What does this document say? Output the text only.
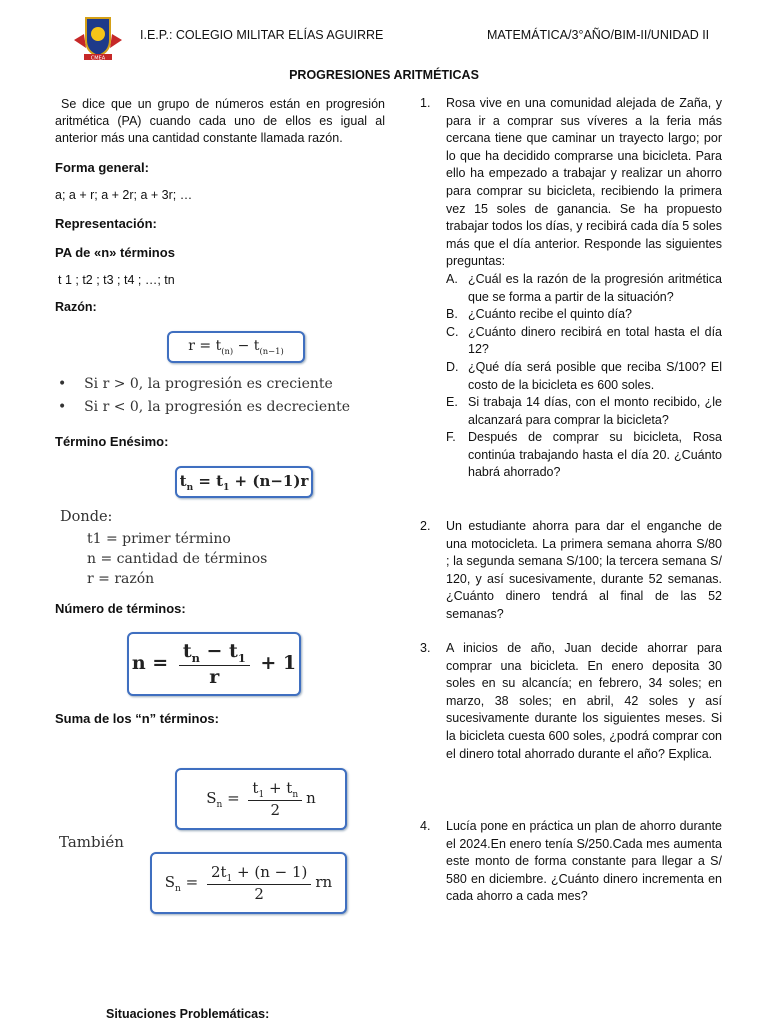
CMEA
I.E.P.: COLEGIO MILITAR ELÍAS AGUIRRE	MATEMÁTICA/3°AÑO/BIM-II/UNIDAD II
PROGRESIONES ARITMÉTICAS
Se dice que un grupo de números están en progresión aritmética (PA) cuando cada uno de ellos es igual al anterior más una cantidad constante llamada razón.
Forma general:
a; a + r; a + 2r; a + 3r; …
Representación:
PA de «n» términos
t 1 ; t2 ; t3 ; t4 ; …; tn
Razón:
$r = t_{(n)} - t_{(n-1)}$
•    Si r > 0, la progresión es creciente
•    Si r < 0, la progresión es decreciente
Término Enésimo:
$t_n = t_1 + (n-1)r$
Donde:
t1 = primer término
n = cantidad de términos
r = razón
Número de términos:
$n = \frac{t_n - t_1}{r} + 1$
Suma de los “n” términos:
$S_n = \frac{t_1 + t_n}{2}$ n
También
$S_n = \frac{2t_1 + (n - 1)}{2}$ rn
Situaciones Problemáticas:
1. Rosa vive en una comunidad alejada de Zaña, y para ir a comprar sus víveres a la feria más cercana tiene que caminar un trayecto largo; por lo que ha decidido comprarse una bicicleta. Para ello ha empezado a trabajar y realizar un ahorro para comprar su bicicleta, recibiendo la primera vez 15 soles de ganancia. Se ha propuesto trabajar todos los días, y recibirá cada día 5 soles más que el día anterior. Responde las siguientes preguntas:
A. ¿Cuál es la razón de la progresión aritmética que se forma a partir de la situación?
B. ¿Cuánto recibe el quinto día?
C. ¿Cuánto dinero recibirá en total hasta el día 12?
D. ¿Qué día será posible que reciba S/100? El costo de la bicicleta es 600 soles.
E. Si trabaja 14 días, con el monto recibido, ¿le alcanzará para comprar la bicicleta?
F. Después de comprar su bicicleta, Rosa continúa trabajando hasta el día 20. ¿Cuánto habrá ahorrado?
2. Un estudiante ahorra para dar el enganche de una motocicleta. La primera semana ahorra S/80 ; la segunda semana S/100; la tercera semana S/ 120, y así sucesivamente, durante 52 semanas. ¿Cuánto dinero tendrá al final de las 52 semanas?
3. A inicios de año, Juan decide ahorrar para comprar una bicicleta. En enero deposita 30 soles en su alcancía; en febrero, 34 soles; en marzo, 38 soles; en abril, 42 soles y así sucesivamente durante los siguientes meses. Si la bicicleta cuesta 600 soles, ¿podrá comprar con el dinero total ahorrado durante el año? Explica.
4. Lucía pone en práctica un plan de ahorro durante el 2024.En enero tenía S/250.Cada mes aumenta este monto de forma constante para llegar a S/ 580 en diciembre. ¿Cuánto dinero incrementa en cada ahorro a cada mes?
